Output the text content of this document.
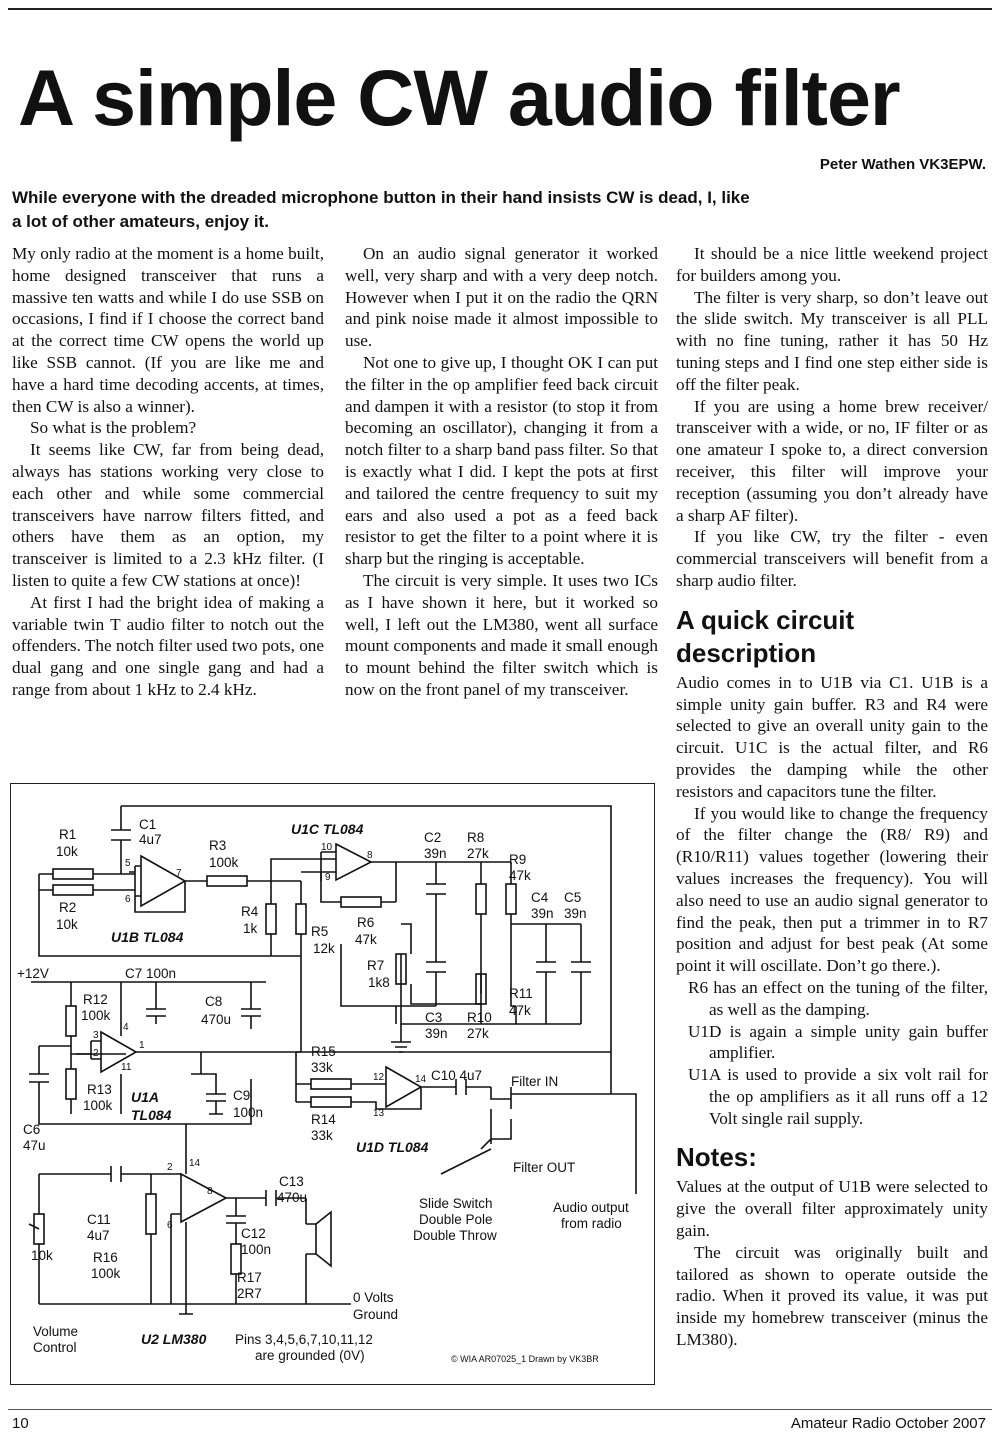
A simple CW audio filter
Peter Wathen VK3EPW.
While everyone with the dreaded microphone button in their hand insists CW is dead, I, like a lot of other amateurs, enjoy it.

My only radio at the moment is a home built, home designed transceiver that runs a massive ten watts and while I do use SSB on occasions, I find if I choose the correct band at the correct time CW opens the world up like SSB cannot. (If you are like me and have a hard time decoding accents, at times, then CW is also a winner).

So what is the problem?

It seems like CW, far from being dead, always has stations working very close to each other and while some commercial transceivers have narrow filters fitted, and others have them as an option, my transceiver is limited to a 2.3 kHz filter. (I listen to quite a few CW stations at once)!

At first I had the bright idea of making a variable twin T audio filter to notch out the offenders. The notch filter used two pots, one dual gang and one single gang and had a range from about 1 kHz to 2.4 kHz.

On an audio signal generator it worked well, very sharp and with a very deep notch. However when I put it on the radio the QRN and pink noise made it almost impossible to use.

Not one to give up, I thought OK I can put the filter in the op amplifier feed back circuit and dampen it with a resistor (to stop it from becoming an oscillator), changing it from a notch filter to a sharp band pass filter. So that is exactly what I did. I kept the pots at first and tailored the centre frequency to suit my ears and also used a pot as a feed back resistor to get the filter to a point where it is sharp but the ringing is acceptable.

The circuit is very simple. It uses two ICs as I have shown it here, but it worked so well, I left out the LM380, went all surface mount components and made it small enough to mount behind the filter switch which is now on the front panel of my transceiver.

It should be a nice little weekend project for builders among you.

The filter is very sharp, so don’t leave out the slide switch. My transceiver is all PLL with no fine tuning, rather it has 50 Hz tuning steps and I find one step either side is off the filter peak.

If you are using a home brew receiver/ transceiver with a wide, or no, IF filter or as one amateur I spoke to, a direct conversion receiver, this filter will improve your reception (assuming you don’t already have a sharp AF filter).

If you like CW, try the filter - even commercial transceivers will benefit from a sharp audio filter.

A quick circuit description

Audio comes in to U1B via C1. U1B is a simple unity gain buffer. R3 and R4 were selected to give an overall unity gain to the circuit. U1C is the actual filter, and R6 provides the damping while the other resistors and capacitors tune the filter.

If you would like to change the frequency of the filter change the (R8/ R9) and (R10/R11) values together (lowering their values increases the frequency). You will also need to use an audio signal generator to find the peak, then put a trimmer in to R7 position and adjust for best peak (At some point it will oscillate. Don’t go there.).

R6 has an effect on the tuning of the filter, as well as the damping.

U1D is again a simple unity gain buffer amplifier.

U1A is used to provide a six volt rail for the op amplifiers as it all runs off a 12 Volt single rail supply.

Notes:

Values at the output of U1B were selected to give the overall filter approximately unity gain.

The circuit was originally built and tailored as shown to operate outside the radio. When it proved its value, it was put inside my homebrew transceiver (minus the LM380).

U1C TL084
U1B TL084
U1A
TL084
U1D TL084
U2 LM380
C1
4u7
R1
10k
R2
10k
R3
100k
R4
1k	R5
12k
C2
39n
R8
27k R9
47k
R6
47k
C4
39n
C5
39n
R7
1k8
R11
47k
C3
39n
R10
27k
+12V	C7 100n
C8
470u
R12
100k
R13
100k
C6
47u
C9
100n
R15
33k
R14
33k
C10 4u7 Filter IN
Filter OUT
C13
470u
C11
4u7
R16
100k
C12
100n
R17
2R7
10k
Volume
Control
Pins 3,4,5,6,7,10,11,12
are grounded (0V)
Slide Switch
Double Pole
Double Throw
Audio output
from radio
0 Volts
Ground
5
6
7
10
9
8
3
2
4
11
1
12
13
14
2
6
14
8
© WIA AR07025_1 Drawn by VK3BR
10	Amateur Radio October 2007
